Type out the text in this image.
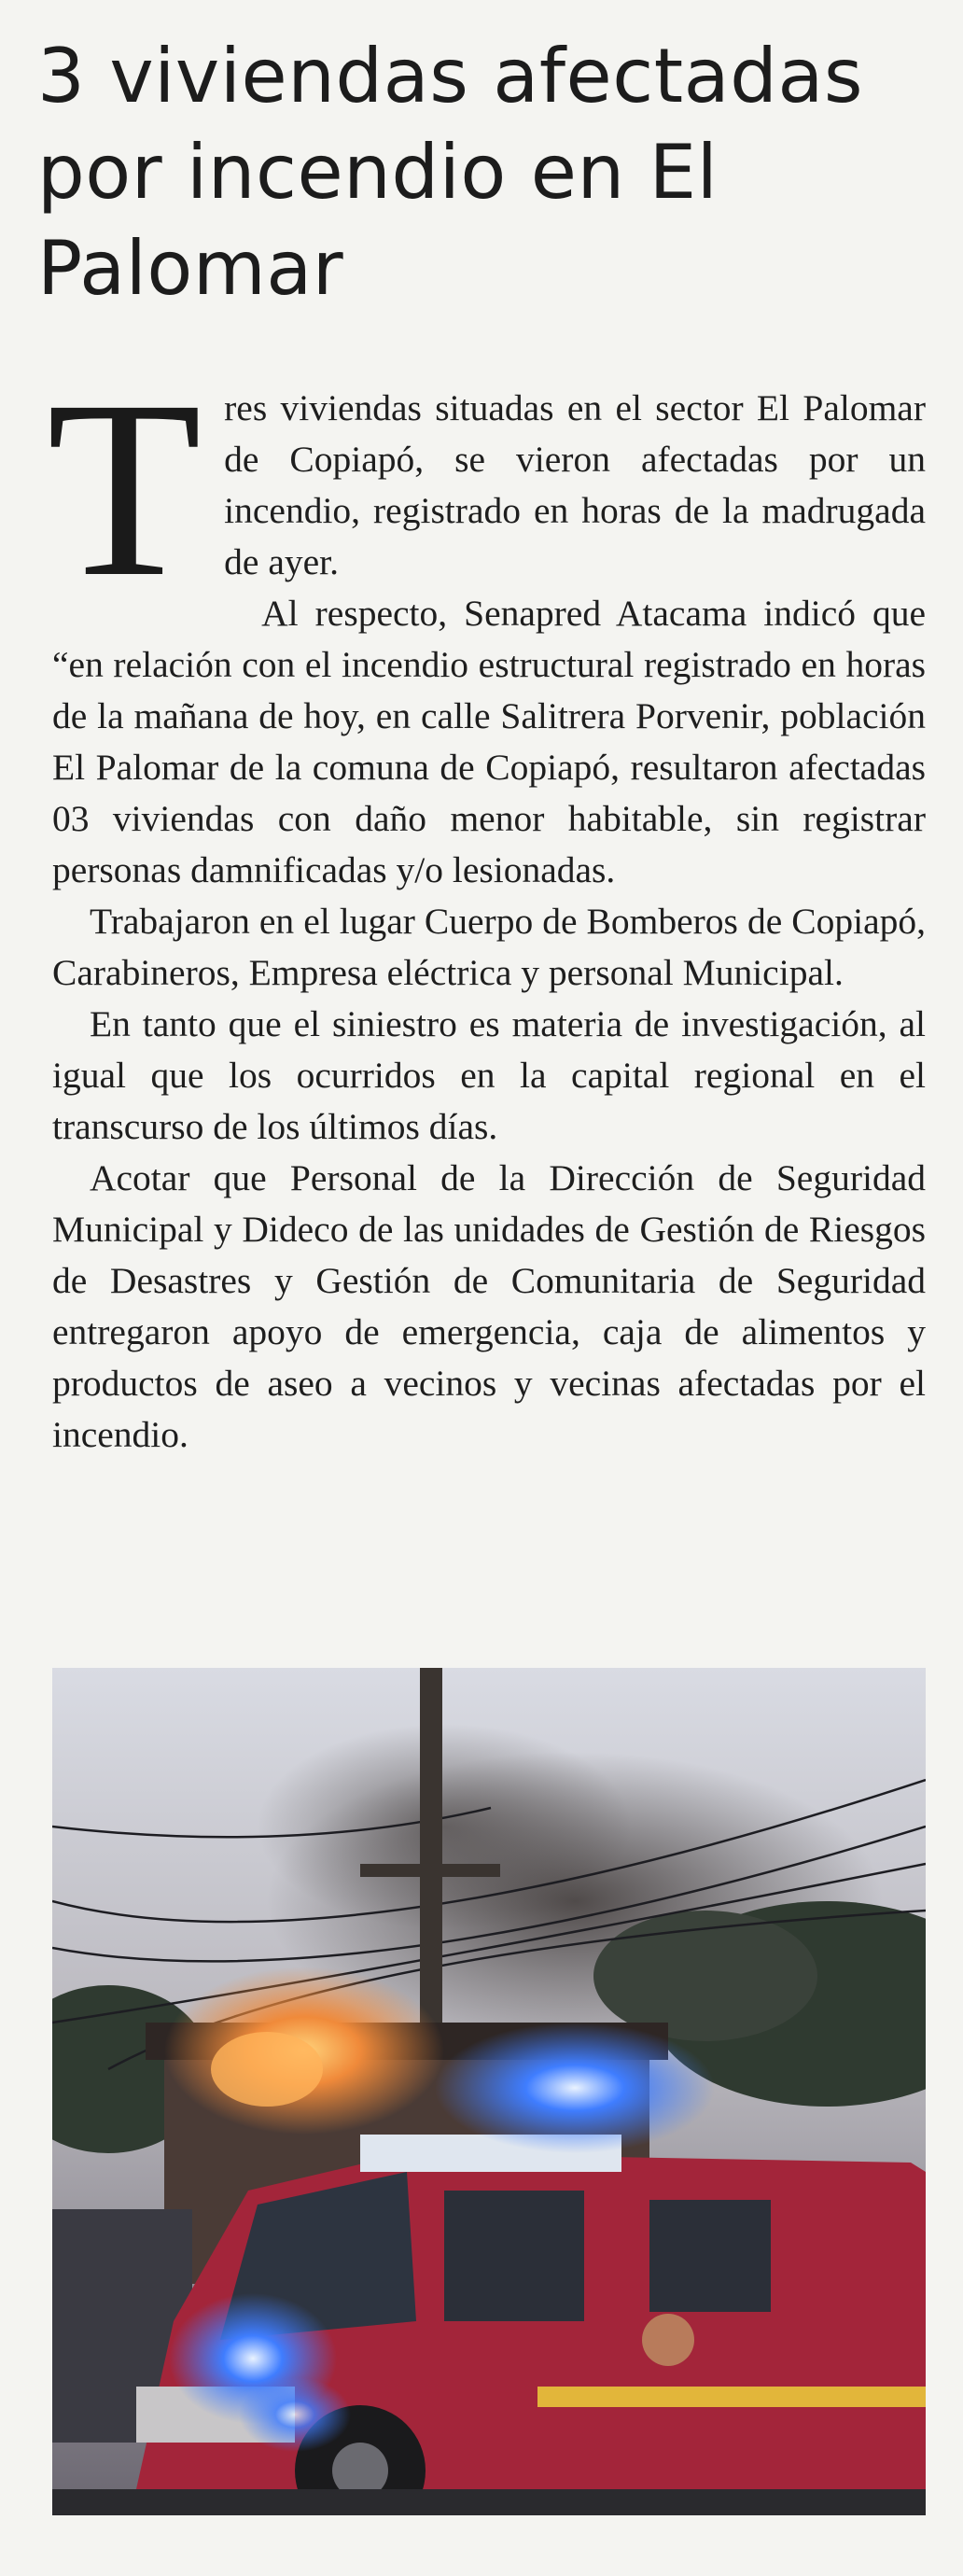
3 viviendas afectadas por incendio en El Palomar

Tres viviendas situadas en el sector El Palomar de Copiapó, se vieron afectadas por un incendio, registrado en horas de la madrugada de ayer.

Al respecto, Senapred Atacama indicó que “en relación con el incendio estructural registrado en horas de la mañana de hoy, en calle Salitrera Porvenir, población El Palomar de la comuna de Copiapó, resultaron afectadas 03 viviendas con daño menor habitable, sin registrar personas damnificadas y/o lesionadas.

Trabajaron en el lugar Cuerpo de Bomberos de Copiapó, Carabineros, Empresa eléctrica y personal Municipal.

En tanto que el siniestro es materia de investigación, al igual que los ocurridos en la capital regional en el transcurso de los últimos días.

Acotar que Personal de la Dirección de Seguridad Municipal y Dideco de las unidades de Gestión de Riesgos de Desastres y Gestión de Comunitaria de Seguridad entregaron apoyo de emergencia, caja de alimentos y productos de aseo a vecinos y vecinas afectadas por el incendio.
